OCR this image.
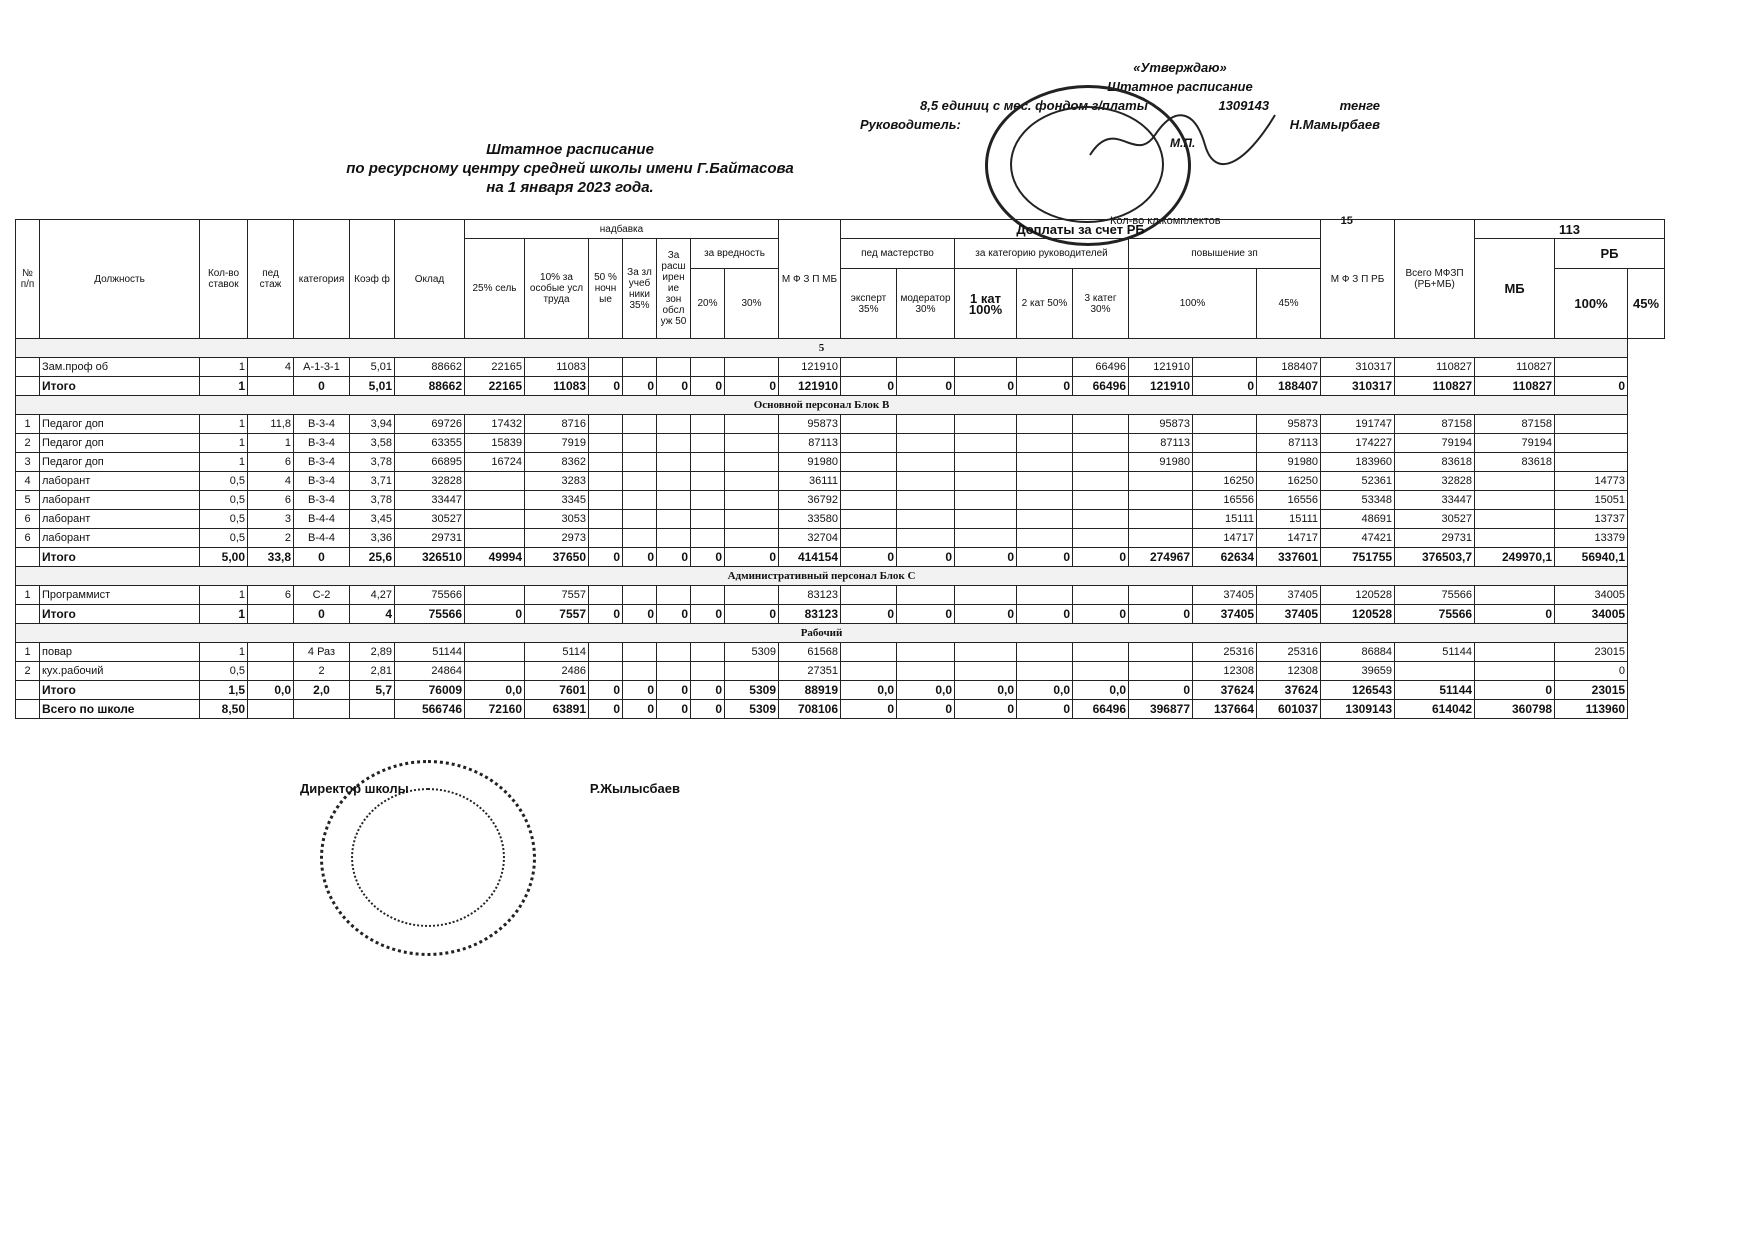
«Утверждаю»
Штатное расписание
8,5 единиц с мес. фондом з/платы	1309143	тенге
Руководитель:	Н.Мамырбаев
М.П.
Штатное расписание
по ресурсному центру средней школы имени Г.Байтасова
на 1 января 2023 года.
Кол-во кл.комплектов	15
№ п/п	Должность	Кол-во ставок	пед стаж	категория	Коэф ф	Оклад	надбавка							М Ф З П МБ	Доплаты за счет РБ								М Ф З П РБ	Всего МФЗП (РБ+МБ)	113		
							25% сель	10% за особые усл труда	50 % ночн ые	За зл учеб ники 35%	За расш ирен ие зон обсл уж 50	за вредность			пед мастерство		за категорию руководителей			повышение зп					МБ	РБ	
												20%	30%		эксперт 35%	модератор 30%	1 кат 100%	2 кат 50%	3 катег 30%	100%		45%				100%	45%
5																											
	Зам.проф об	1	4	A-1-3-1	5,01	88662	22165	11083						121910					66496	121910		188407	310317	110827	110827		
	Итого	1		0	5,01	88662	22165	11083	0	0	0	0	0	121910	0	0	0	0	66496	121910	0	188407	310317	110827	110827	0	
Основной персонал Блок В																											
1	Педагог доп	1	11,8	В-3-4	3,94	69726	17432	8716						95873						95873		95873	191747	87158	87158		
2	Педагог доп	1	1	В-3-4	3,58	63355	15839	7919						87113						87113		87113	174227	79194	79194		
3	Педагог доп	1	6	В-3-4	3,78	66895	16724	8362						91980						91980		91980	183960	83618	83618		
4	лаборант	0,5	4	В-3-4	3,71	32828		3283						36111							16250	16250	52361	32828		14773	
5	лаборант	0,5	6	В-3-4	3,78	33447		3345						36792							16556	16556	53348	33447		15051	
6	лаборант	0,5	3	В-4-4	3,45	30527		3053						33580							15111	15111	48691	30527		13737	
6	лаборант	0,5	2	В-4-4	3,36	29731		2973						32704							14717	14717	47421	29731		13379	
	Итого	5,00	33,8	0	25,6	326510	49994	37650	0	0	0	0	0	414154	0	0	0	0	0	274967	62634	337601	751755	376503,7	249970,1	56940,1	
Административный персонал Блок С																											
1	Программист	1	6	С-2	4,27	75566		7557						83123							37405	37405	120528	75566		34005	
	Итого	1		0	4	75566	0	7557	0	0	0	0	0	83123	0	0	0	0	0	0	37405	37405	120528	75566	0	34005	
Рабочий																											
1	повар	1		4 Раз	2,89	51144		5114					5309	61568							25316	25316	86884	51144		23015	
2	кух.рабочий	0,5		2	2,81	24864		2486						27351							12308	12308	39659			0	
	Итого	1,5	0,0	2,0	5,7	76009	0,0	7601	0	0	0	0	5309	88919	0,0	0,0	0,0	0,0	0,0	0	37624	37624	126543	51144	0	23015	
	Всего по школе	8,50				566746	72160	63891	0	0	0	0	5309	708106	0	0	0	0	66496	396877	137664	601037	1309143	614042	360798	113960	
Директор школы	Р.Жылысбаев
